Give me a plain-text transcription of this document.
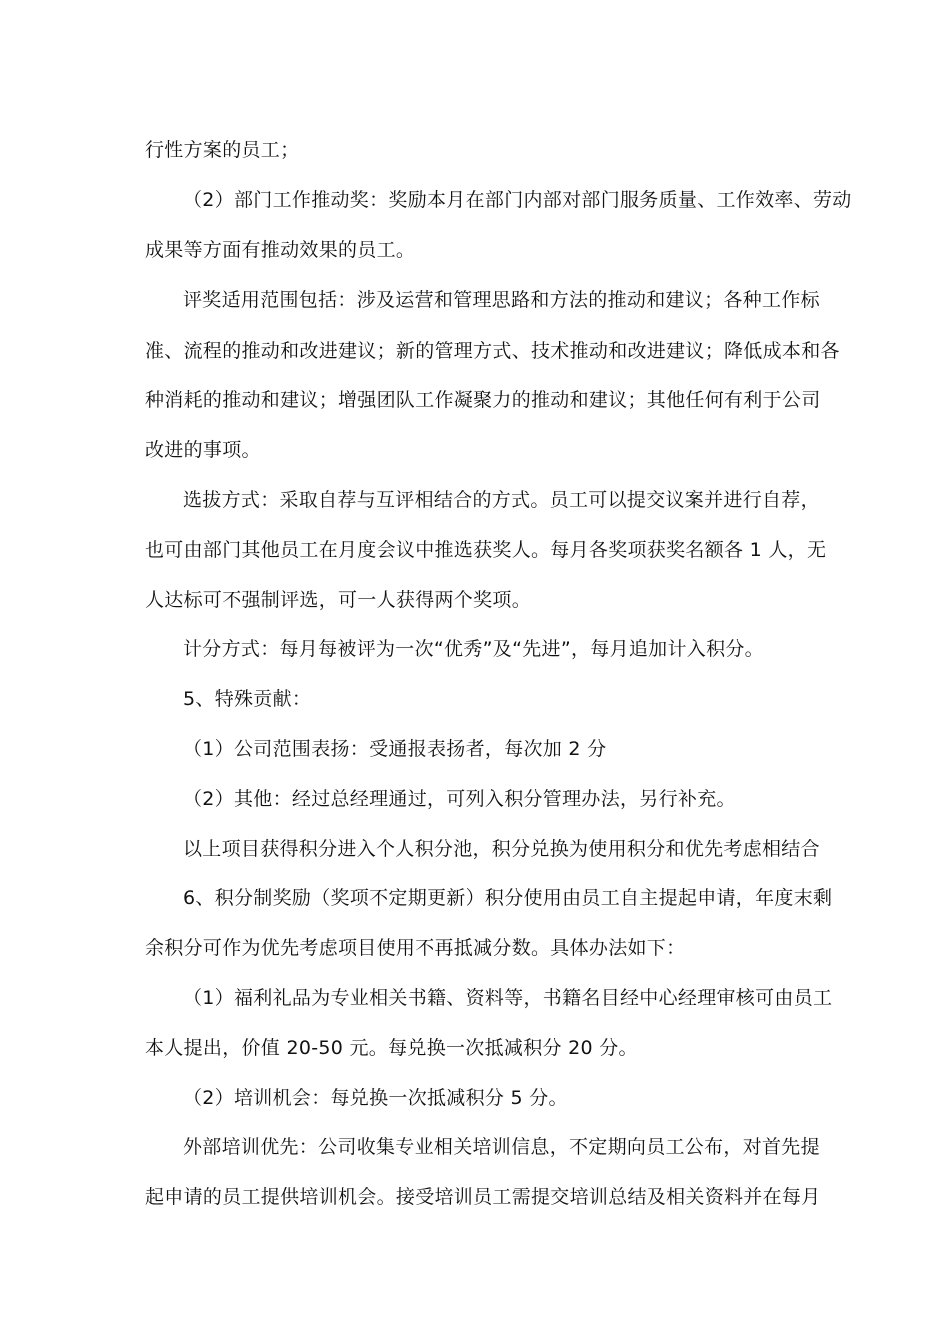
行性方案的员工；
（2）部门工作推动奖：奖励本月在部门内部对部门服务质量、工作效率、劳动
成果等方面有推动效果的员工。
评奖适用范围包括：涉及运营和管理思路和方法的推动和建议；各种工作标
准、流程的推动和改进建议；新的管理方式、技术推动和改进建议；降低成本和各
种消耗的推动和建议；增强团队工作凝聚力的推动和建议；其他任何有利于公司
改进的事项。
选拔方式：采取自荐与互评相结合的方式。员工可以提交议案并进行自荐，
也可由部门其他员工在月度会议中推选获奖人。每月各奖项获奖名额各 1 人，无
人达标可不强制评选，可一人获得两个奖项。
计分方式：每月每被评为一次“优秀”及“先进”，每月追加计入积分。
5、特殊贡献：
（1）公司范围表扬：受通报表扬者，每次加 2 分
（2）其他：经过总经理通过，可列入积分管理办法，另行补充。
以上项目获得积分进入个人积分池，积分兑换为使用积分和优先考虑相结合
6、积分制奖励（奖项不定期更新）积分使用由员工自主提起申请，年度末剩
余积分可作为优先考虑项目使用不再抵减分数。具体办法如下：
（1）福利礼品为专业相关书籍、资料等，书籍名目经中心经理审核可由员工
本人提出，价值 20-50 元。每兑换一次抵减积分 20 分。
（2）培训机会：每兑换一次抵减积分 5 分。
外部培训优先：公司收集专业相关培训信息，不定期向员工公布，对首先提
起申请的员工提供培训机会。接受培训员工需提交培训总结及相关资料并在每月
